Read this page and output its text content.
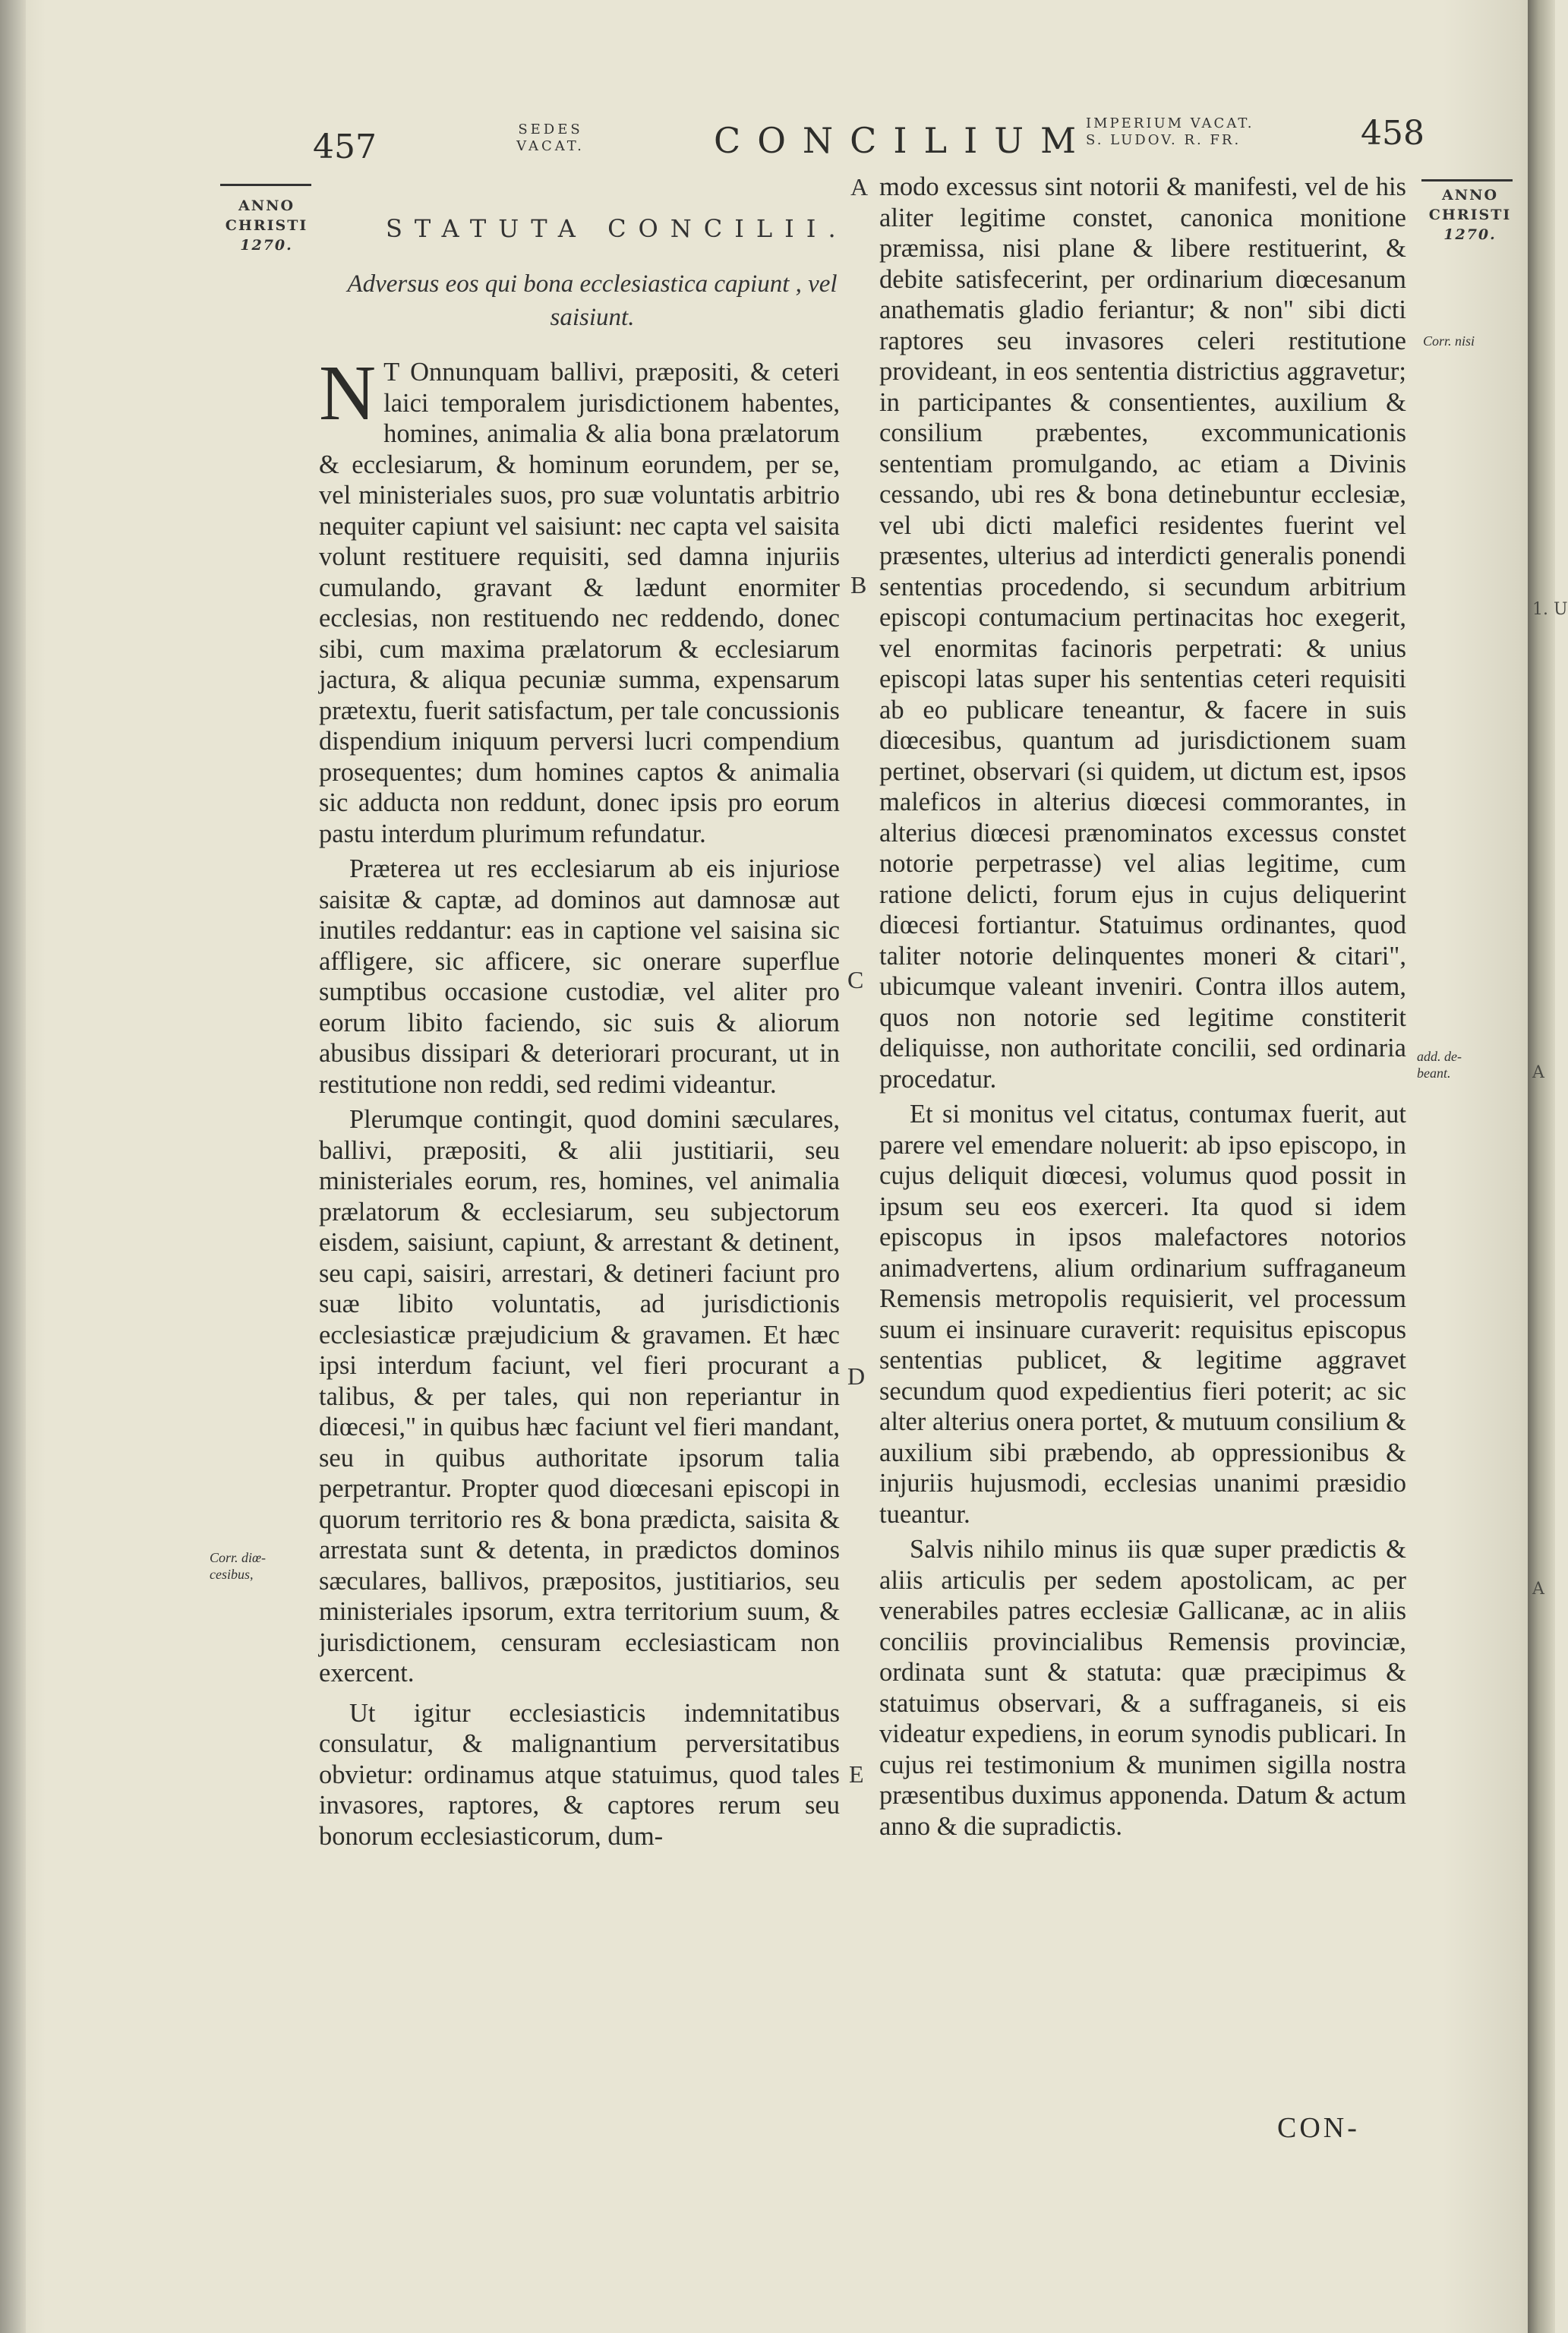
1. U
A
A
457	SEDES
VACAT.	CONCILIUM
IMPERIUM VACAT.
S. LUDOV. R. FR.	458
ANNO
CHRISTI
1270.
ANNO
CHRISTI
1270.
STATUTA CONCILII.
Adversus eos qui bona ecclesiastica capiunt , vel saisiunt.

N T Onnunquam ballivi, præpositi, & ceteri laici temporalem jurisdictionem habentes, homines, animalia & alia bona prælatorum & ecclesiarum, & hominum eorundem, per se, vel ministeriales suos, pro suæ voluntatis arbitrio nequiter capiunt vel saisiunt: nec capta vel saisita volunt restituere requisiti, sed damna injuriis cumulando, gravant & lædunt enormiter ecclesias, non restituendo nec reddendo, donec sibi, cum maxima prælatorum & ecclesiarum jactura, & aliqua pecuniæ summa, expensarum prætextu, fuerit satisfactum, per tale concussionis dispendium iniquum perversi lucri compendium prosequentes; dum homines captos & animalia sic adducta non reddunt, donec ipsis pro eorum pastu interdum plurimum refundatur.

Præterea ut res ecclesiarum ab eis injuriose saisitæ & captæ, ad dominos aut damnosæ aut inutiles reddantur: eas in captione vel saisina sic affligere, sic afficere, sic onerare superflue sumptibus occasione custodiæ, vel aliter pro eorum libito faciendo, sic suis & aliorum abusibus dissipari & deteriorari procurant, ut in restitutione non reddi, sed redimi videantur.

Plerumque contingit, quod domini sæculares, ballivi, præpositi, & alii justitiarii, seu ministeriales eorum, res, homines, vel animalia prælatorum & ecclesiarum, seu subjectorum eisdem, saisiunt, capiunt, & arrestant & detinent, seu capi, saisiri, arrestari, & detineri faciunt pro suæ libito voluntatis, ad jurisdictionis ecclesiasticæ præjudicium & gravamen. Et hæc ipsi interdum faciunt, vel fieri procurant a talibus, & per tales, qui non reperiantur in diœcesi," in quibus hæc faciunt vel fieri mandant, seu in quibus authoritate ipsorum talia perpetrantur. Propter quod diœcesani episcopi in quorum territorio res & bona prædicta, saisita & arrestata sunt & detenta, in prædictos dominos sæculares, ballivos, præpositos, justitiarios, seu ministeriales ipsorum, extra territorium suum, & jurisdictionem, censuram ecclesiasticam non exercent.

Ut igitur ecclesiasticis indemnitatibus consulatur, & malignantium perversitatibus obvietur: ordinamus atque statuimus, quod tales invasores, raptores, & captores rerum seu bonorum ecclesiasticorum, dum-

A
B
C
D
E

modo excessus sint notorii & manifesti, vel de his aliter legitime constet, canonica monitione præmissa, nisi plane & libere restituerint, & debite satisfecerint, per ordinarium diœcesanum anathematis gladio feriantur; & non" sibi dicti raptores seu invasores celeri restitutione provideant, in eos sententia districtius aggravetur; in participantes & consentientes, auxilium & consilium præbentes, excommunicationis sententiam promulgando, ac etiam a Divinis cessando, ubi res & bona detinebuntur ecclesiæ, vel ubi dicti malefici residentes fuerint vel præsentes, ulterius ad interdicti generalis ponendi sententias procedendo, si secundum arbitrium episcopi contumacium pertinacitas hoc exegerit, vel enormitas facinoris perpetrati: & unius episcopi latas super his sententias ceteri requisiti ab eo publicare teneantur, & facere in suis diœcesibus, quantum ad jurisdictionem suam pertinet, observari (si quidem, ut dictum est, ipsos maleficos in alterius diœcesi commorantes, in alterius diœcesi prænominatos excessus constet notorie perpetrasse) vel alias legitime, cum ratione delicti, forum ejus in cujus deliquerint diœcesi fortiantur. Statuimus ordinantes, quod taliter notorie delinquentes moneri & citari", ubicumque valeant inveniri. Contra illos autem, quos non notorie sed legitime constiterit deliquisse, non authoritate concilii, sed ordinaria procedatur.

Et si monitus vel citatus, contumax fuerit, aut parere vel emendare noluerit: ab ipso episcopo, in cujus deliquit diœcesi, volumus quod possit in ipsum seu eos exerceri. Ita quod si idem episcopus in ipsos malefactores notorios animadvertens, alium ordinarium suffraganeum Remensis metropolis requisierit, vel processum suum ei insinuare curaverit: requisitus episcopus sententias publicet, & legitime aggravet secundum quod expedientius fieri poterit; ac sic alter alterius onera portet, & mutuum consilium & auxilium sibi præbendo, ab oppressionibus & injuriis hujusmodi, ecclesias unanimi præsidio tueantur.

Salvis nihilo minus iis quæ super prædictis & aliis articulis per sedem apostolicam, ac per venerabiles patres ecclesiæ Gallicanæ, ac in aliis conciliis provincialibus Remensis provinciæ, ordinata sunt & statuta: quæ præcipimus & statuimus observari, & a suffraganeis, si eis videatur expediens, in eorum synodis publicari. In cujus rei testimonium & munimen sigilla nostra præsentibus duximus apponenda. Datum & actum anno & die supradictis.

Corr. diœ-
cesibus,
Corr. nisi
add. de-
beant.
CON-
